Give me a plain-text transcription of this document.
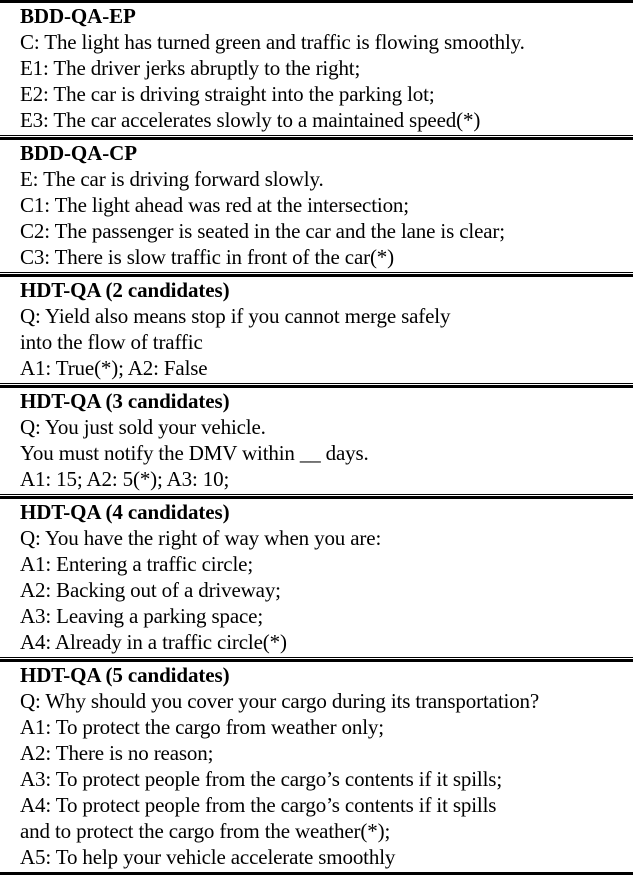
BDD-QA-EP
C: The light has turned green and traffic is flowing smoothly.
E1: The driver jerks abruptly to the right;
E2: The car is driving straight into the parking lot;
E3: The car accelerates slowly to a maintained speed(*)
BDD-QA-CP
E: The car is driving forward slowly.
C1: The light ahead was red at the intersection;
C2: The passenger is seated in the car and the lane is clear;
C3: There is slow traffic in front of the car(*)
HDT-QA (2 candidates)
Q: Yield also means stop if you cannot merge safely
into the flow of traffic
A1: True(*); A2: False
HDT-QA (3 candidates)
Q: You just sold your vehicle.
You must notify the DMV within __ days.
A1: 15; A2: 5(*); A3: 10;
HDT-QA (4 candidates)
Q: You have the right of way when you are:
A1: Entering a traffic circle;
A2: Backing out of a driveway;
A3: Leaving a parking space;
A4: Already in a traffic circle(*)
HDT-QA (5 candidates)
Q: Why should you cover your cargo during its transportation?
A1: To protect the cargo from weather only;
A2: There is no reason;
A3: To protect people from the cargo’s contents if it spills;
A4: To protect people from the cargo’s contents if it spills
and to protect the cargo from the weather(*);
A5: To help your vehicle accelerate smoothly
